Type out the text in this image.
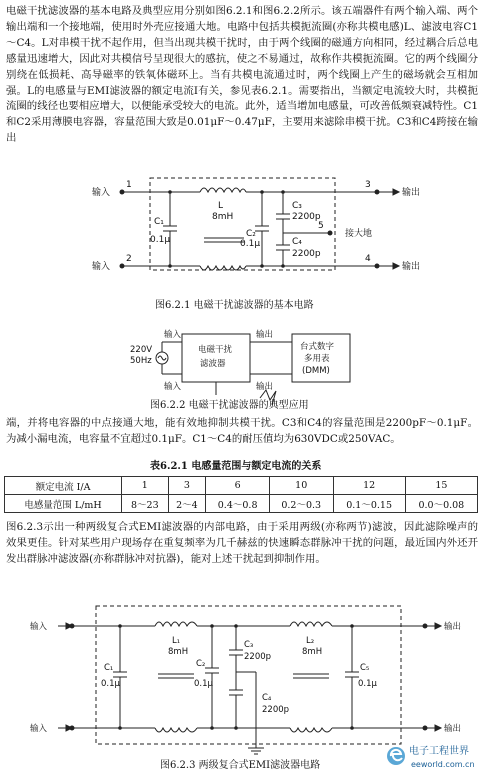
电磁干扰滤波器的基本电路及典型应用分别如图6.2.1和图6.2.2所示。该五端器件有两个输入端、两个输出端和一个接地端，使用时外壳应接通大地。电路中包括共模扼流圈(亦称共模电感)L、滤波电容C1～C4。L对串模干扰不起作用，但当出现共模干扰时，由于两个线圈的磁通方向相同，经过耦合后总电感量迅速增大，因此对共模信号呈现很大的感抗，使之不易通过，故称作共模扼流圈。它的两个线圈分别绕在低损耗、高导磁率的铁氧体磁环上。当有共模电流通过时，两个线圈上产生的磁场就会互相加强。L的电感量与EMI滤波器的额定电流I有关，参见表6.2.1。需要指出，当额定电流较大时，共模扼流圈的线径也要相应增大，以便能承受较大的电流。此外，适当增加电感量，可改善低频衰减特性。C1和C2采用薄膜电容器，容量范围大致是0.01μF～0.47μF，主要用来滤除串模干扰。C3和C4跨接在输出
输入
输入
输出
输出
接大地
1
2
3
4
5
C₁
0.1μ
L
8mH
C₂
0.1μ
C₃
2200p
C₄
2200p
图6.2.1 电磁干扰滤波器的基本电路
输入
输入
输出
输出
220V
50Hz
电磁干扰
滤波器
台式数字
多用表
(DMM)
图6.2.2 电磁干扰滤波器的典型应用
端，并将电容器的中点接通大地，能有效地抑制共模干扰。C3和C4的容量范围是2200pF～0.1μF。为减小漏电流，电容量不宜超过0.1μF。C1～C4的耐压值均为630VDC或250VAC。
表6.2.1 电感量范围与额定电流的关系
额定电流 I/A	1	3	6	10	12	15
电感量范围 L/mH	8～23	2～4	0.4～0.8	0.2～0.3	0.1～0.15	0.0～0.08
图6.2.3示出一种两级复合式EMI滤波器的内部电路，由于采用两级(亦称两节)滤波，因此滤除噪声的效果更佳。针对某些用户现场存在重复频率为几千赫兹的快速瞬态群脉冲干扰的问题，最近国内外还开发出群脉冲滤波器(亦称群脉冲对抗器)，能对上述干扰起到抑制作用。
输入
输入
输出
输出
C₁
0.1μ
L₁
8mH
C₂
0.1μ
C₃
2200p
C₄
2200p
L₂
8mH
C₅
0.1μ
图6.2.3 两级复合式EMI滤波器电路
电子工程世界
eeworld.com.cn
